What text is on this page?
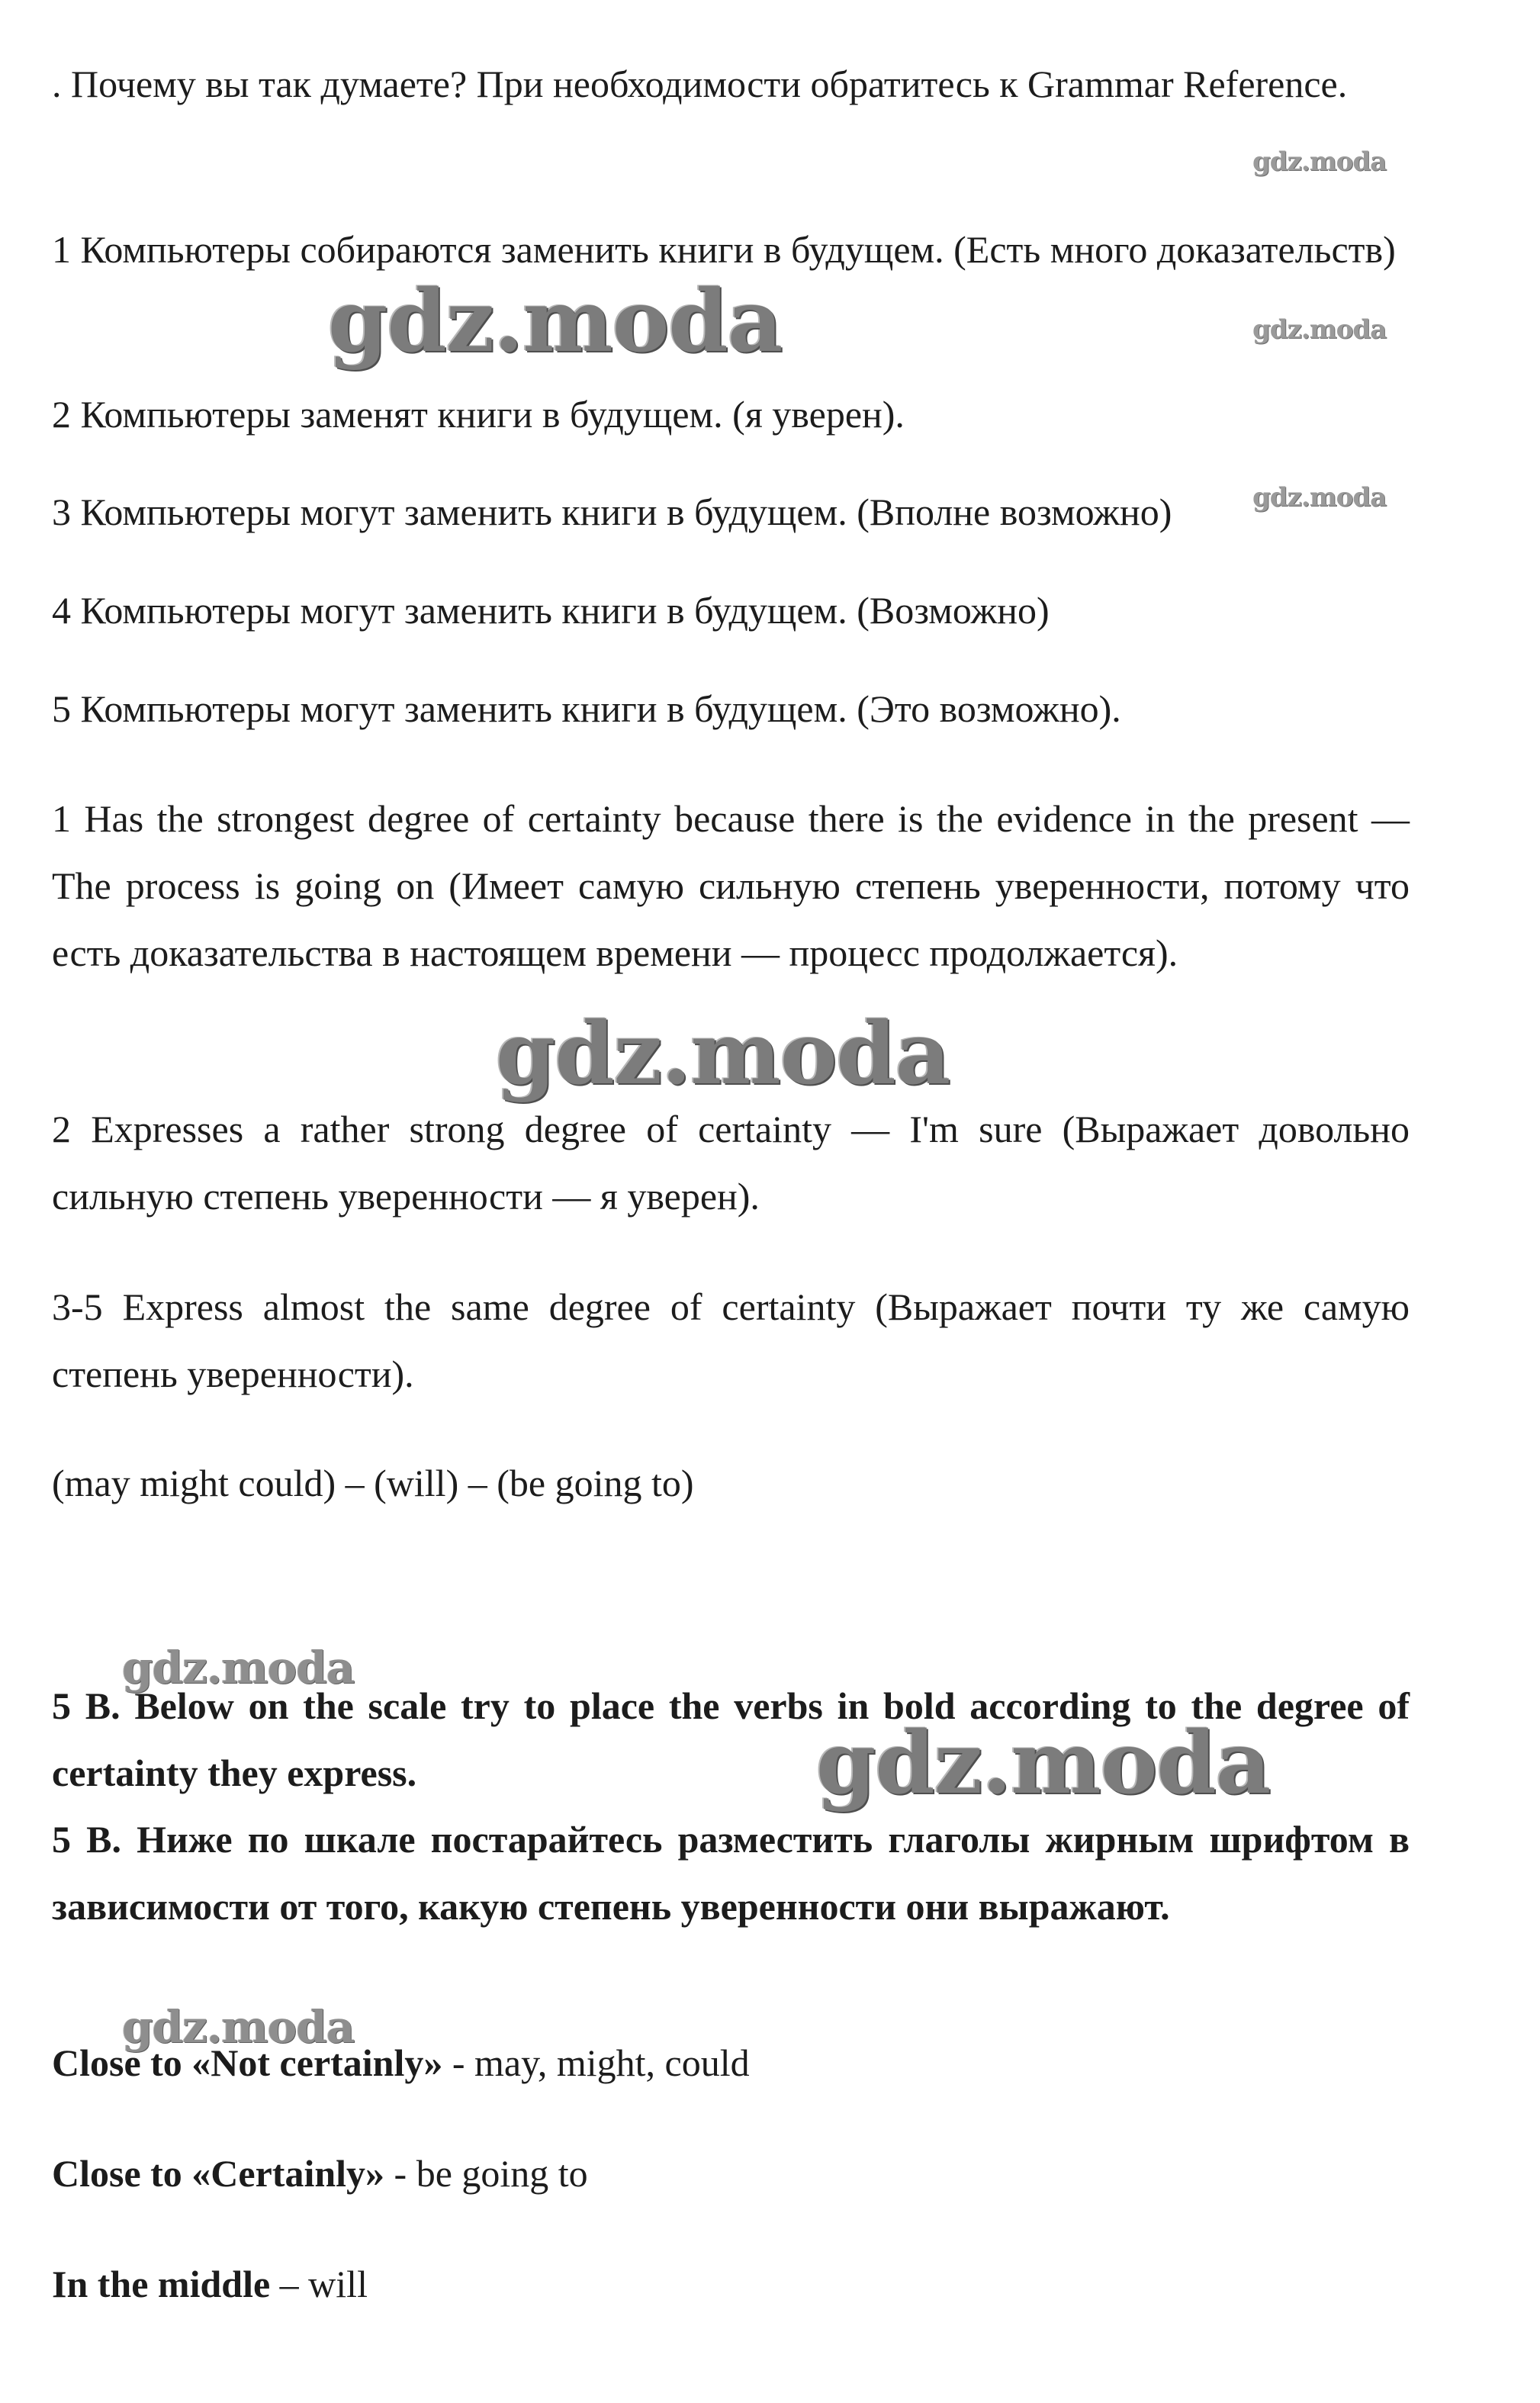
. Почему вы так думаете? При необходимости обратитесь к Grammar Reference.

1 Компьютеры собираются заменить книги в будущем. (Есть много доказательств)

2 Компьютеры заменят книги в будущем. (я уверен).

3 Компьютеры могут заменить книги в будущем. (Вполне возможно)

4 Компьютеры могут заменить книги в будущем. (Возможно)

5 Компьютеры могут заменить книги в будущем. (Это возможно).

1 Has the strongest degree of certainty because there is the evidence in the present — The process is going on (Имеет самую сильную степень уверенности, потому что есть доказательства в настоящем времени — процесс продолжается).

2 Expresses a rather strong degree of certainty — I'm sure (Выражает довольно сильную степень уверенности — я уверен).

3-5 Express almost the same degree of certainty (Выражает почти ту же самую степень уверенности).

(may might could) – (will) – (be going to)

5 B. Below on the scale try to place the verbs in bold according to the degree of certainty they express.

5 В. Ниже по шкале постарайтесь разместить глаголы жирным шрифтом в зависимости от того, какую степень уверенности они выражают.

Close to «Not certainly» - may, might, could

Close to «Certainly» - be going to

In the middle – will

gdz.moda
gdz.moda
gdz.moda
gdz.moda
gdz.moda
gdz.moda
gdz.moda
gdz.moda
